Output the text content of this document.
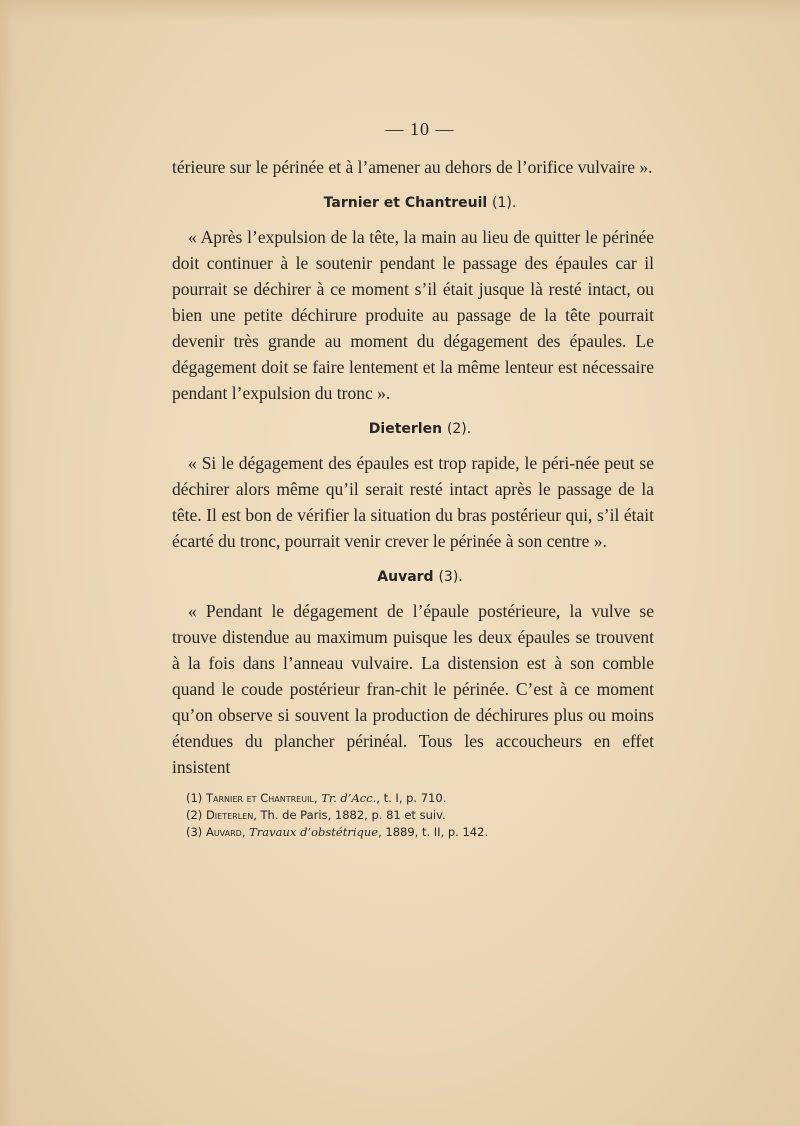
— 10 —

térieure sur le périnée et à l’amener au dehors de l’orifice vulvaire ».

Tarnier et Chantreuil (1).

« Après l’expulsion de la tête, la main au lieu de quitter le périnée doit continuer à le soutenir pendant le passage des épaules car il pourrait se déchirer à ce moment s’il était jusque là resté intact, ou bien une petite déchirure produite au passage de la tête pourrait devenir très grande au moment du dégagement des épaules. Le dégagement doit se faire lentement et la même lenteur est nécessaire pendant l’expulsion du tronc ».

Dieterlen (2).

« Si le dégagement des épaules est trop rapide, le péri-née peut se déchirer alors même qu’il serait resté intact après le passage de la tête. Il est bon de vérifier la situation du bras postérieur qui, s’il était écarté du tronc, pourrait venir crever le périnée à son centre ».

Auvard (3).

« Pendant le dégagement de l’épaule postérieure, la vulve se trouve distendue au maximum puisque les deux épaules se trouvent à la fois dans l’anneau vulvaire. La distension est à son comble quand le coude postérieur fran-chit le périnée. C’est à ce moment qu’on observe si souvent la production de déchirures plus ou moins étendues du plancher périnéal. Tous les accoucheurs en effet insistent

(1) Tarnier et Chantreuil, Tr. d’Acc., t. I, p. 710.
(2) Dieterlen, Th. de Paris, 1882, p. 81 et suiv.
(3) Auvard, Travaux d’obstétrique, 1889, t. II, p. 142.
